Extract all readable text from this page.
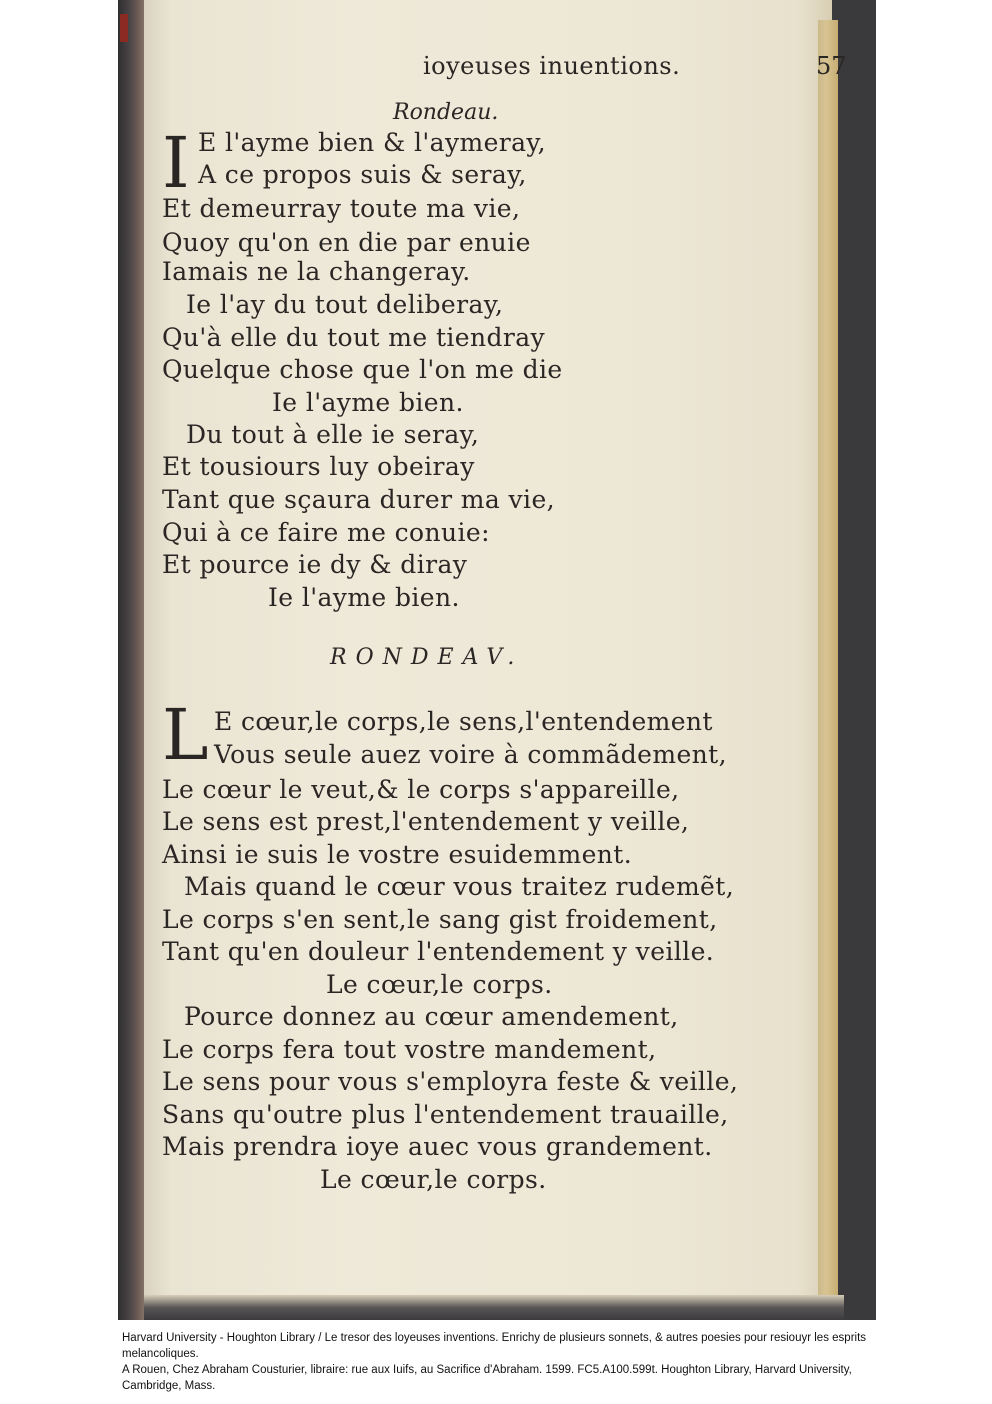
ioyeuses inuentions.	57
Rondeau.
I E l'ayme bien & l'aymeray,
A ce propos suis & seray,
Et demeurray toute ma vie,
Quoy qu'on en die par enuie
Iamais ne la changeray.
Ie l'ay du tout deliberay,
Qu'à elle du tout me tiendray
Quelque chose que l'on me die
Ie l'ayme bien.
Du tout à elle ie seray,
Et tousiours luy obeiray
Tant que sçaura durer ma vie,
Qui à ce faire me conuie:
Et pource ie dy & diray
Ie l'ayme bien.
RONDEAV.
L E cœur,le corps,le sens,l'entendement
Vous seule auez voire à commãdement,
Le cœur le veut,& le corps s'appareille,
Le sens est prest,l'entendement y veille,
Ainsi ie suis le vostre esuidemment.
Mais quand le cœur vous traitez rudemẽt,
Le corps s'en sent,le sang gist froidement,
Tant qu'en douleur l'entendement y veille.
Le cœur,le corps.
Pource donnez au cœur amendement,
Le corps fera tout vostre mandement,
Le sens pour vous s'employra feste & veille,
Sans qu'outre plus l'entendement trauaille,
Mais prendra ioye auec vous grandement.
Le cœur,le corps.
Harvard University - Houghton Library / Le tresor des loyeuses inventions. Enrichy de plusieurs sonnets, & autres poesies pour resiouyr les esprits melancoliques.
A Rouen, Chez Abraham Cousturier, libraire: rue aux Iuifs, au Sacrifice d'Abraham. 1599. FC5.A100.599t. Houghton Library, Harvard University, Cambridge, Mass.
